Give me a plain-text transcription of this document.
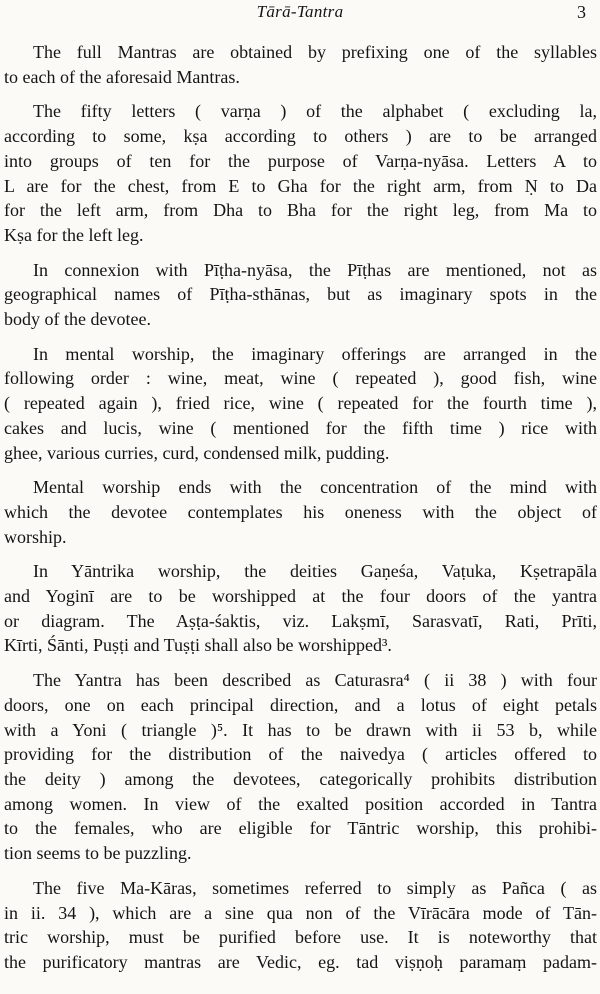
Tārā-Tantra	3

The full Mantras are obtained by prefixing one of the syllables
to each of the aforesaid Mantras.

The fifty letters ( varṇa ) of the alphabet ( excluding la,
according to some, kṣa according to others ) are to be arranged
into groups of ten for the purpose of Varṇa-nyāsa. Letters A to
L are for the chest, from E to Gha for the right arm, from Ṇ to Da
for the left arm, from Dha to Bha for the right leg, from Ma to
Kṣa for the left leg.

In connexion with Pīṭha-nyāsa, the Pīṭhas are mentioned, not as
geographical names of Pīṭha-sthānas, but as imaginary spots in the
body of the devotee.

In mental worship, the imaginary offerings are arranged in the
following order : wine, meat, wine ( repeated ), good fish, wine
( repeated again ), fried rice, wine ( repeated for the fourth time ),
cakes and lucis, wine ( mentioned for the fifth time ) rice with
ghee, various curries, curd, condensed milk, pudding.

Mental worship ends with the concentration of the mind with
which the devotee contemplates his oneness with the object of
worship.

In Yāntrika worship, the deities Gaṇeśa, Vaṭuka, Kṣetrapāla
and Yoginī are to be worshipped at the four doors of the yantra
or diagram. The Aṣṭa-śaktis, viz. Lakṣmī, Sarasvatī, Rati, Prīti,
Kīrti, Śānti, Puṣṭi and Tuṣṭi shall also be worshipped³.

The Yantra has been described as Caturasra⁴ ( ii 38 ) with four
doors, one on each principal direction, and a lotus of eight petals
with a Yoni ( triangle )⁵. It has to be drawn with ii 53 b, while
providing for the distribution of the naivedya ( articles offered to
the deity ) among the devotees, categorically prohibits distribution
among women. In view of the exalted position accorded in Tantra
to the females, who are eligible for Tāntric worship, this prohibi-
tion seems to be puzzling.

The five Ma-Kāras, sometimes referred to simply as Pañca ( as
in ii. 34 ), which are a sine qua non of the Vīrācāra mode of Tān-
tric worship, must be purified before use. It is noteworthy that
the purificatory mantras are Vedic, eg. tad viṣṇoḥ paramaṃ padam-
